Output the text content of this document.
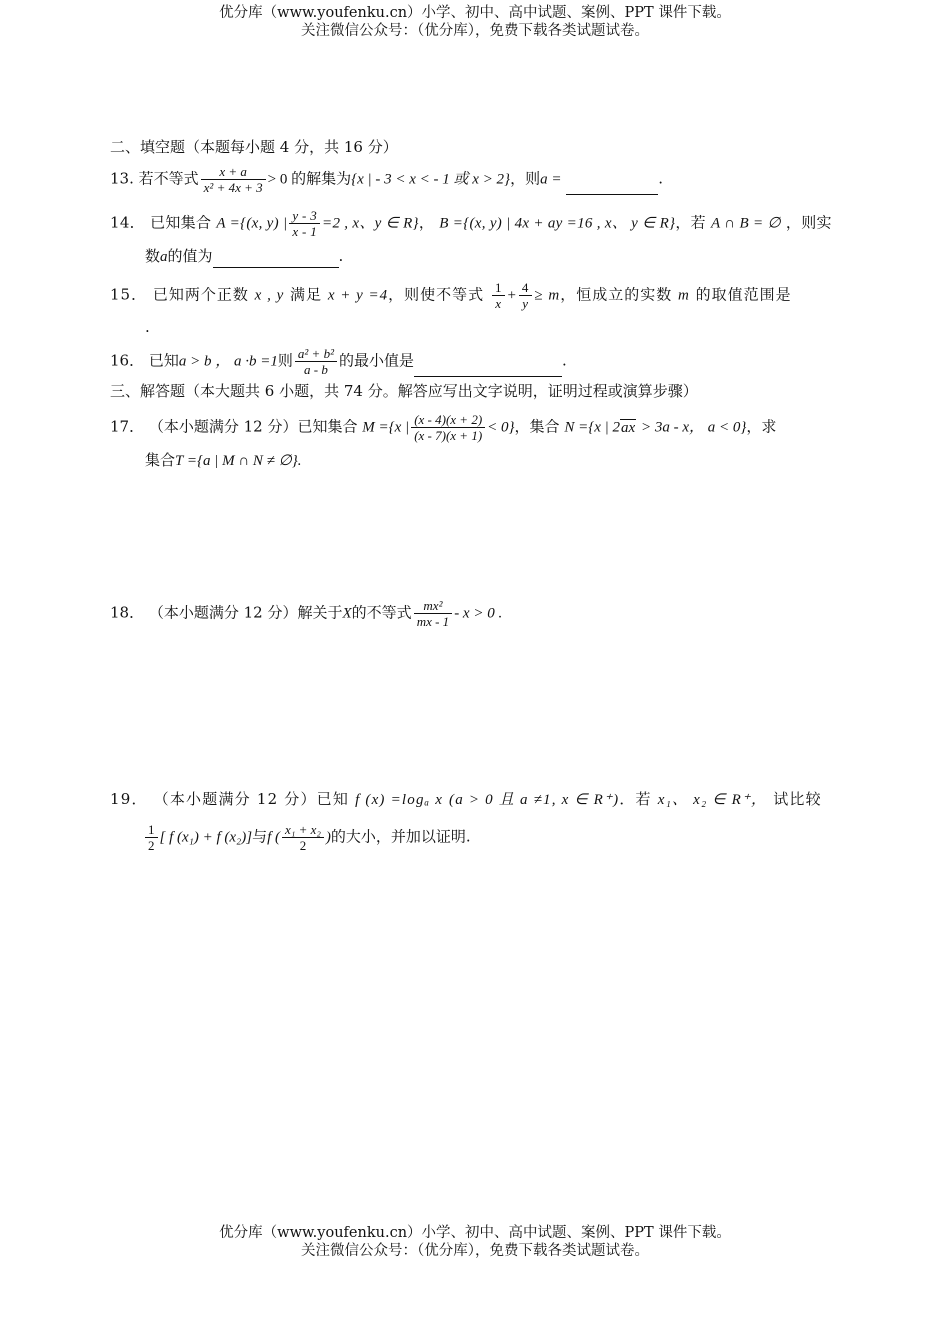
优分库（www.youfenku.cn）小学、初中、高中试题、案例、PPT 课件下载。
关注微信公众号：（优分库），免费下载各类试题试卷。
二、填空题（本题每小题 4 分，共 16 分）
13. 若不等式 $\frac{x + a}{\text{x² + 4x + 3}} > 0$ 的解集为{x | - 3 < x < - 1 或 x > 2}，则a =	.
14． 已知集合 A ={(x, y) | $\frac{y - 3}{x - 1} =2$ , x、y ∈ R}， B ={(x, y) | 4x + ay =16 , x、 y ∈ R}，若 A ∩ B = ∅ ，则实
数a的值为	.
15． 已知两个正数 x , y 满足 x + y =4，则使不等式 $\frac{1}{x} + \frac{4}{y} \ge m$，恒成立的实数 m 的取值范围是
.
16． 已知a > b ， a ·b =1则 $\frac{\text{a² + b²}}{a - b}$ 的最小值是	.
三、解答题（本大题共 6 小题，共 74 分。解答应写出文字说明，证明过程或演算步骤）
17． （本小题满分 12 分）已知集合 M ={x | $\frac{(x - 4)(x + 2)}{(x - 7)(x + 1)} < 0$}，集合 N ={x | 2ax > 3a - x， a < 0}，求
集合T ={a | M ∩ N ≠ ∅}.
18． （本小题满分 12 分）解关于X的不等式 $\frac{\text{mx²}}{mx - 1} - x > 0$ .
19． （本小题满分 12 分）已知 f (x) =logₐ x (a > 0 且 a ≠1, x ∈ R⁺)．若 x₁、 x₂ ∈ R⁺， 试比较
$\frac{1}{2}$ [ f (x₁) + f (x₂)]与f ( $\frac{\text{x₁ + x₂}}{2}$ )的大小，并加以证明.
优分库（www.youfenku.cn）小学、初中、高中试题、案例、PPT 课件下载。
关注微信公众号：（优分库），免费下载各类试题试卷。
